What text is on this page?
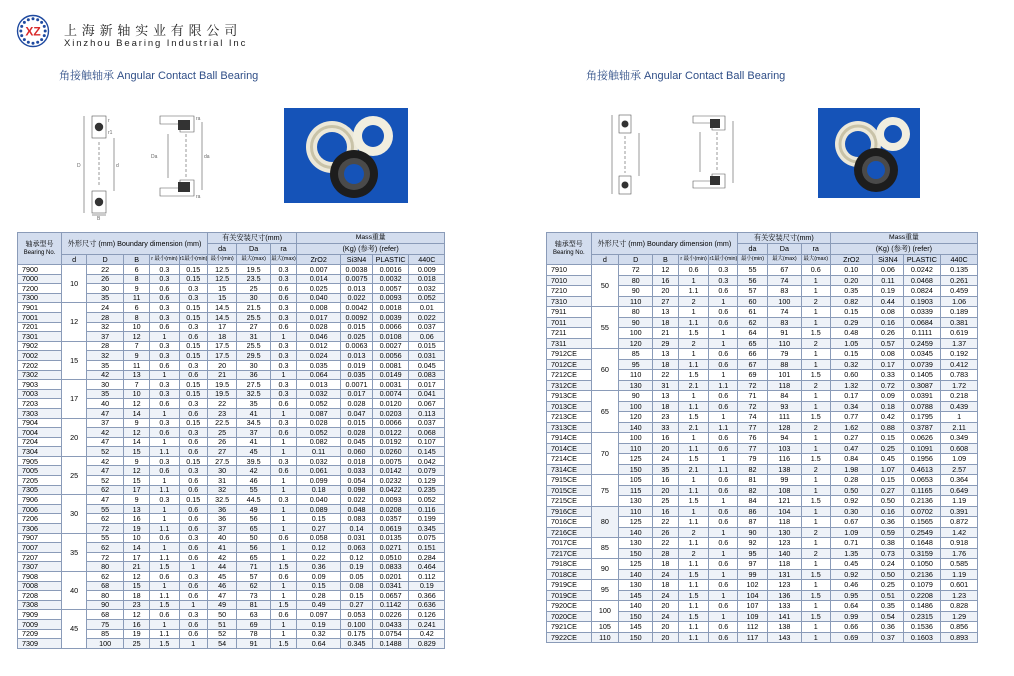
XZ 上海新轴实业有限公司
Xinzhou Bearing Industrial Inc
角接触轴承 Angular Contact Ball Bearing
D	d
r
r1
B
Da	da
ra
ra
轴承型号
Bearing No.	外形尺寸 (mm) Boundary dimension (mm)					有关安装尺寸(mm)			Mass重量			
						da	Da	ra	(Kg) (参考) (refer)			
	d	D	B	r 最小(min)	r1最小(min)	最小(min)	最大(max)	最大(max)	ZrO2	Si3N4	PLASTIC	440C
7900	10	22	6	0.3	0.15	12.5	19.5	0.3	0.007	0.0038	0.0016	0.009
7000		26	8	0.3	0.15	12.5	23.5	0.3	0.014	0.0075	0.0032	0.018
7200		30	9	0.6	0.3	15	25	0.6	0.025	0.013	0.0057	0.032
7300		35	11	0.6	0.3	15	30	0.6	0.040	0.022	0.0093	0.052
7901	12	24	6	0.3	0.15	14.5	21.5	0.3	0.008	0.0042	0.0018	0.01
7001		28	8	0.3	0.15	14.5	25.5	0.3	0.017	0.0092	0.0039	0.022
7201		32	10	0.6	0.3	17	27	0.6	0.028	0.015	0.0066	0.037
7301		37	12	1	0.6	18	31	1	0.046	0.025	0.0108	0.06
7902	15	28	7	0.3	0.15	17.5	25.5	0.3	0.012	0.0063	0.0027	0.015
7002		32	9	0.3	0.15	17.5	29.5	0.3	0.024	0.013	0.0056	0.031
7202		35	11	0.6	0.3	20	30	0.3	0.035	0.019	0.0081	0.045
7302		42	13	1	0.6	21	36	1	0.064	0.035	0.0149	0.083
7903	17	30	7	0.3	0.15	19.5	27.5	0.3	0.013	0.0071	0.0031	0.017
7003		35	10	0.3	0.15	19.5	32.5	0.3	0.032	0.017	0.0074	0.041
7203		40	12	0.6	0.3	22	35	0.6	0.052	0.028	0.0120	0.067
7303		47	14	1	0.6	23	41	1	0.087	0.047	0.0203	0.113
7904	20	37	9	0.3	0.15	22.5	34.5	0.3	0.028	0.015	0.0066	0.037
7004		42	12	0.6	0.3	25	37	0.6	0.052	0.028	0.0122	0.068
7204		47	14	1	0.6	26	41	1	0.082	0.045	0.0192	0.107
7304		52	15	1.1	0.6	27	45	1	0.11	0.060	0.0260	0.145
7905	25	42	9	0.3	0.15	27.5	39.5	0.3	0.032	0.018	0.0075	0.042
7005		47	12	0.6	0.3	30	42	0.6	0.061	0.033	0.0142	0.079
7205		52	15	1	0.6	31	46	1	0.099	0.054	0.0232	0.129
7305		62	17	1.1	0.6	32	55	1	0.18	0.098	0.0422	0.235
7906	30	47	9	0.3	0.15	32.5	44.5	0.3	0.040	0.022	0.0093	0.052
7006		55	13	1	0.6	36	49	1	0.089	0.048	0.0208	0.116
7206		62	16	1	0.6	36	56	1	0.15	0.083	0.0357	0.199
7306		72	19	1.1	0.6	37	65	1	0.27	0.14	0.0619	0.345
7907	35	55	10	0.6	0.3	40	50	0.6	0.058	0.031	0.0135	0.075
7007		62	14	1	0.6	41	56	1	0.12	0.063	0.0271	0.151
7207		72	17	1.1	0.6	42	65	1	0.22	0.12	0.0510	0.284
7307		80	21	1.5	1	44	71	1.5	0.36	0.19	0.0833	0.464
7908	40	62	12	0.6	0.3	45	57	0.6	0.09	0.05	0.0201	0.112
7008		68	15	1	0.6	46	62	1	0.15	0.08	0.0341	0.19
7208		80	18	1.1	0.6	47	73	1	0.28	0.15	0.0657	0.366
7308		90	23	1.5	1	49	81	1.5	0.49	0.27	0.1142	0.636
7909	45	68	12	0.6	0.3	50	63	0.6	0.097	0.053	0.0226	0.126
7009		75	16	1	0.6	51	69	1	0.19	0.100	0.0433	0.241
7209		85	19	1.1	0.6	52	78	1	0.32	0.175	0.0754	0.42
7309		100	25	1.5	1	54	91	1.5	0.64	0.345	0.1488	0.829
角接触轴承 Angular Contact Ball Bearing
轴承型号
Bearing No.	外形尺寸 (mm) Boundary dimension (mm)					有关安装尺寸(mm)			Mass重量			
						da	Da	ra	(Kg) (参考) (refer)			
	d	D	B	r 最小(min)	r1最小(min)	最小(min)	最大(max)	最大(max)	ZrO2	Si3N4	PLASTIC	440C
7910	50	72	12	0.6	0.3	55	67	0.6	0.10	0.06	0.0242	0.135
7010		80	16	1	0.3	56	74	1	0.20	0.11	0.0468	0.261
7210		90	20	1.1	0.6	57	83	1	0.35	0.19	0.0824	0.459
7310		110	27	2	1	60	100	2	0.82	0.44	0.1903	1.06
7911	55	80	13	1	0.6	61	74	1	0.15	0.08	0.0339	0.189
7011		90	18	1.1	0.6	62	83	1	0.29	0.16	0.0684	0.381
7211		100	21	1.5	1	64	91	1.5	0.48	0.26	0.1111	0.619
7311		120	29	2	1	65	110	2	1.05	0.57	0.2459	1.37
7912CE	60	85	13	1	0.6	66	79	1	0.15	0.08	0.0345	0.192
7012CE		95	18	1.1	0.6	67	88	1	0.32	0.17	0.0739	0.412
7212CE		110	22	1.5	1	69	101	1.5	0.60	0.33	0.1405	0.783
7312CE		130	31	2.1	1.1	72	118	2	1.32	0.72	0.3087	1.72
7913CE	65	90	13	1	0.6	71	84	1	0.17	0.09	0.0391	0.218
7013CE		100	18	1.1	0.6	72	93	1	0.34	0.18	0.0788	0.439
7213CE		120	23	1.5	1	74	111	1.5	0.77	0.42	0.1795	1
7313CE		140	33	2.1	1.1	77	128	2	1.62	0.88	0.3787	2.11
7914CE	70	100	16	1	0.6	76	94	1	0.27	0.15	0.0626	0.349
7014CE		110	20	1.1	0.6	77	103	1	0.47	0.25	0.1091	0.608
7214CE		125	24	1.5	1	79	116	1.5	0.84	0.45	0.1956	1.09
7314CE		150	35	2.1	1.1	82	138	2	1.98	1.07	0.4613	2.57
7915CE	75	105	16	1	0.6	81	99	1	0.28	0.15	0.0653	0.364
7015CE		115	20	1.1	0.6	82	108	1	0.50	0.27	0.1165	0.649
7215CE		130	25	1.5	1	84	121	1.5	0.92	0.50	0.2136	1.19
7916CE	80	110	16	1	0.6	86	104	1	0.30	0.16	0.0702	0.391
7016CE		125	22	1.1	0.6	87	118	1	0.67	0.36	0.1565	0.872
7216CE		140	26	2	1	90	130	2	1.09	0.59	0.2549	1.42
7017CE	85	130	22	1.1	0.6	92	123	1	0.71	0.38	0.1648	0.918
7217CE		150	28	2	1	95	140	2	1.35	0.73	0.3159	1.76
7918CE	90	125	18	1.1	0.6	97	118	1	0.45	0.24	0.1050	0.585
7018CE		140	24	1.5	1	99	131	1.5	0.92	0.50	0.2136	1.19
7919CE	95	130	18	1.1	0.6	102	123	1	0.46	0.25	0.1079	0.601
7019CE		145	24	1.5	1	104	136	1.5	0.95	0.51	0.2208	1.23
7920CE	100	140	20	1.1	0.6	107	133	1	0.64	0.35	0.1486	0.828
7020CE		150	24	1.5	1	109	141	1.5	0.99	0.54	0.2315	1.29
7921CE	105	145	20	1.1	0.6	112	138	1	0.66	0.36	0.1536	0.856
7922CE	110	150	20	1.1	0.6	117	143	1	0.69	0.37	0.1603	0.893
